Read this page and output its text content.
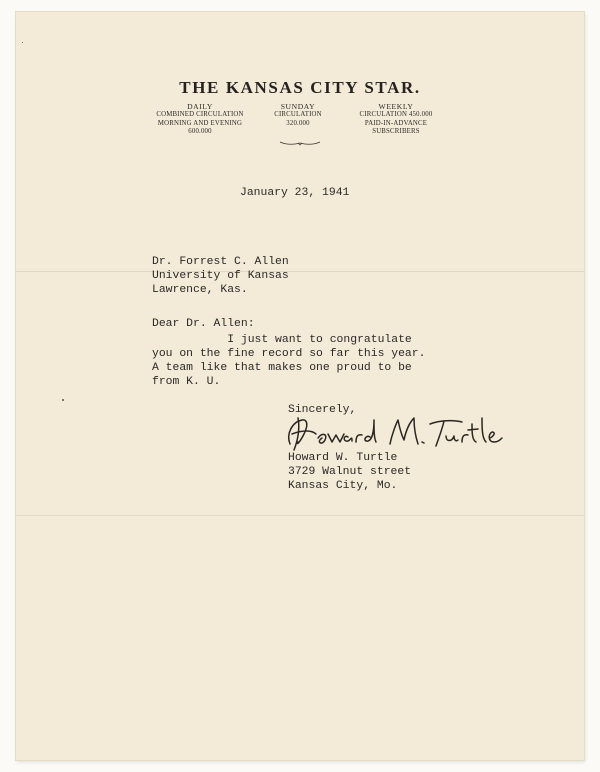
THE KANSAS CITY STAR.
DAILY
COMBINED CIRCULATION
MORNING AND EVENING
600.000
SUNDAY
CIRCULATION
320.000
WEEKLY
CIRCULATION 450.000
PAID-IN-ADVANCE
SUBSCRIBERS
January 23, 1941
Dr. Forrest C. Allen
University of Kansas
Lawrence, Kas.
Dear Dr. Allen:
I just want to congratulate
you on the fine record so far this year.
A team like that makes one proud to be
from K. U.
Sincerely,
Howard W. Turtle
3729 Walnut street
Kansas City, Mo.
